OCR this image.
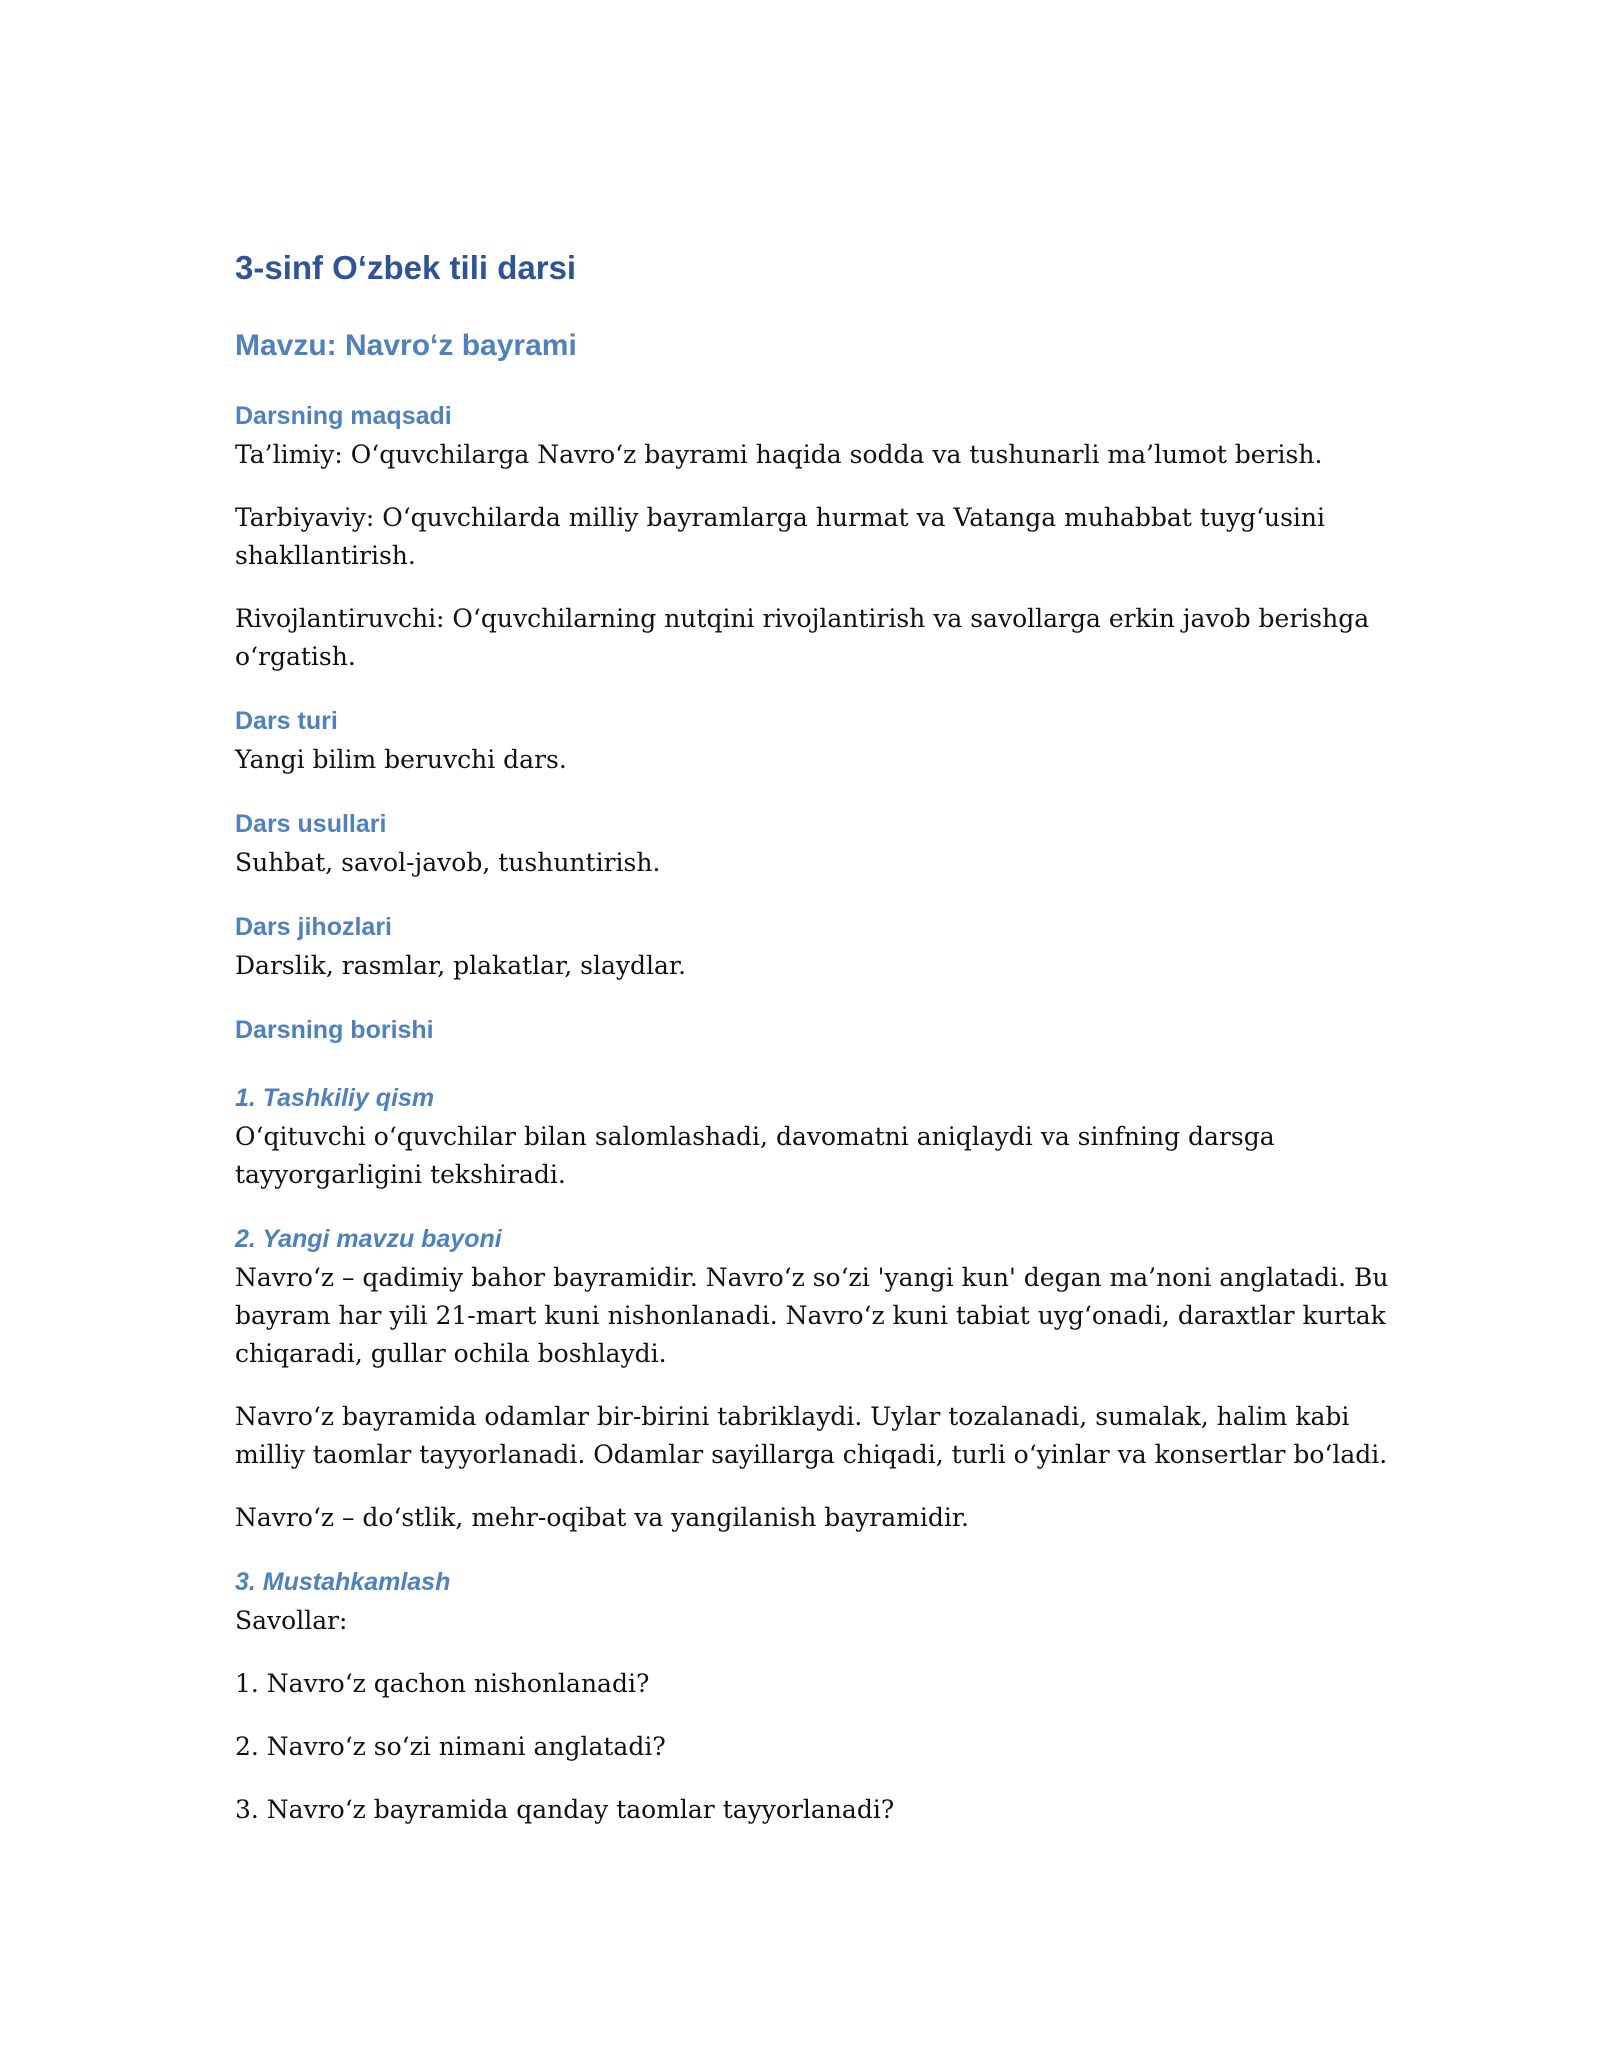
3-sinf O‘zbek tili darsi
Mavzu: Navro‘z bayrami
Darsning maqsadi

Ta’limiy: O‘quvchilarga Navro‘z bayrami haqida sodda va tushunarli ma’lumot berish.

Tarbiyaviy: O‘quvchilarda milliy bayramlarga hurmat va Vatanga muhabbat tuyg‘usini shakllantirish.

Rivojlantiruvchi: O‘quvchilarning nutqini rivojlantirish va savollarga erkin javob berishga o‘rgatish.

Dars turi

Yangi bilim beruvchi dars.

Dars usullari

Suhbat, savol-javob, tushuntirish.

Dars jihozlari

Darslik, rasmlar, plakatlar, slaydlar.

Darsning borishi
1. Tashkiliy qism

O‘qituvchi o‘quvchilar bilan salomlashadi, davomatni aniqlaydi va sinfning darsga tayyorgarligini tekshiradi.

2. Yangi mavzu bayoni

Navro‘z – qadimiy bahor bayramidir. Navro‘z so‘zi 'yangi kun' degan ma’noni anglatadi. Bu bayram har yili 21-mart kuni nishonlanadi. Navro‘z kuni tabiat uyg‘onadi, daraxtlar kurtak chiqaradi, gullar ochila boshlaydi.

Navro‘z bayramida odamlar bir-birini tabriklaydi. Uylar tozalanadi, sumalak, halim kabi milliy taomlar tayyorlanadi. Odamlar sayillarga chiqadi, turli o‘yinlar va konsertlar bo‘ladi.

Navro‘z – do‘stlik, mehr-oqibat va yangilanish bayramidir.

3. Mustahkamlash

Savollar:

1. Navro‘z qachon nishonlanadi?

2. Navro‘z so‘zi nimani anglatadi?

3. Navro‘z bayramida qanday taomlar tayyorlanadi?
